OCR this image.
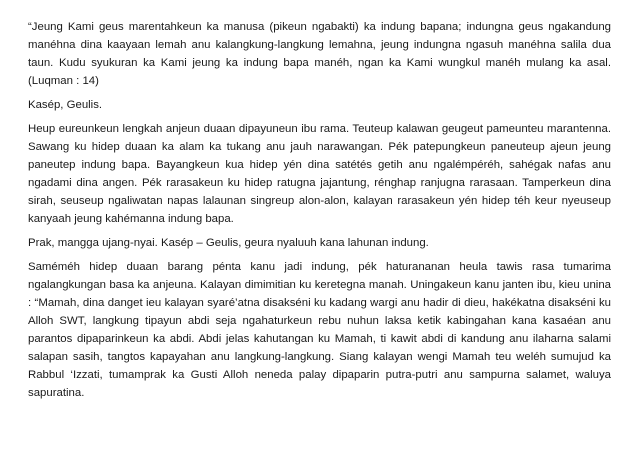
“Jeung Kami geus marentahkeun ka manusa (pikeun ngabakti) ka indung bapana; indungna geus ngakandung manéhna dina kaayaan lemah anu kalangkung-langkung lemahna, jeung indungna ngasuh manéhna salila dua taun. Kudu syukuran ka Kami jeung ka indung bapa manéh, ngan ka Kami wungkul manéh mulang ka asal. (Luqman : 14)

Kasép, Geulis.

Heup eureunkeun lengkah anjeun duaan dipayuneun ibu rama. Teuteup kalawan geugeut pameunteu marantenna. Sawang ku hidep duaan ka alam ka tukang anu jauh narawangan. Pék patepungkeun paneuteup ajeun jeung paneutep indung bapa. Bayangkeun kua hidep yén dina satétés getih anu ngalémpéréh, sahégak nafas anu ngadami dina angen. Pék rarasakeun ku hidep ratugna jajantung, rénghap ranjugna rarasaan. Tamperkeun dina sirah, seuseup ngaliwatan napas lalaunan singreup alon-alon, kalayan rarasakeun yén hidep téh keur nyeuseup kanyaah jeung kahémanna indung bapa.

Prak, mangga ujang-nyai. Kasép – Geulis, geura nyaluuh kana lahunan indung.

Saméméh hidep duaan barang pénta kanu jadi indung, pék haturananan heula tawis rasa tumarima ngalangkungan basa ka anjeuna. Kalayan dimimitian ku keretegna manah. Uningakeun kanu janten ibu, kieu unina : “Mamah, dina danget ieu kalayan syaré’atna disakséni ku kadang wargi anu hadir di dieu, hakékatna disakséni ku Alloh SWT, langkung tipayun abdi seja ngahaturkeun rebu nuhun laksa ketik kabingahan kana kasaéan anu parantos dipaparinkeun ka abdi. Abdi jelas kahutangan ku Mamah, ti kawit abdi di kandung anu ilaharna salami salapan sasih, tangtos kapayahan anu langkung-langkung. Siang kalayan wengi Mamah teu weléh sumujud ka Rabbul ‘Izzati, tumamprak ka Gusti Alloh neneda palay dipaparin putra-putri anu sampurna salamet, waluya sapuratina.
